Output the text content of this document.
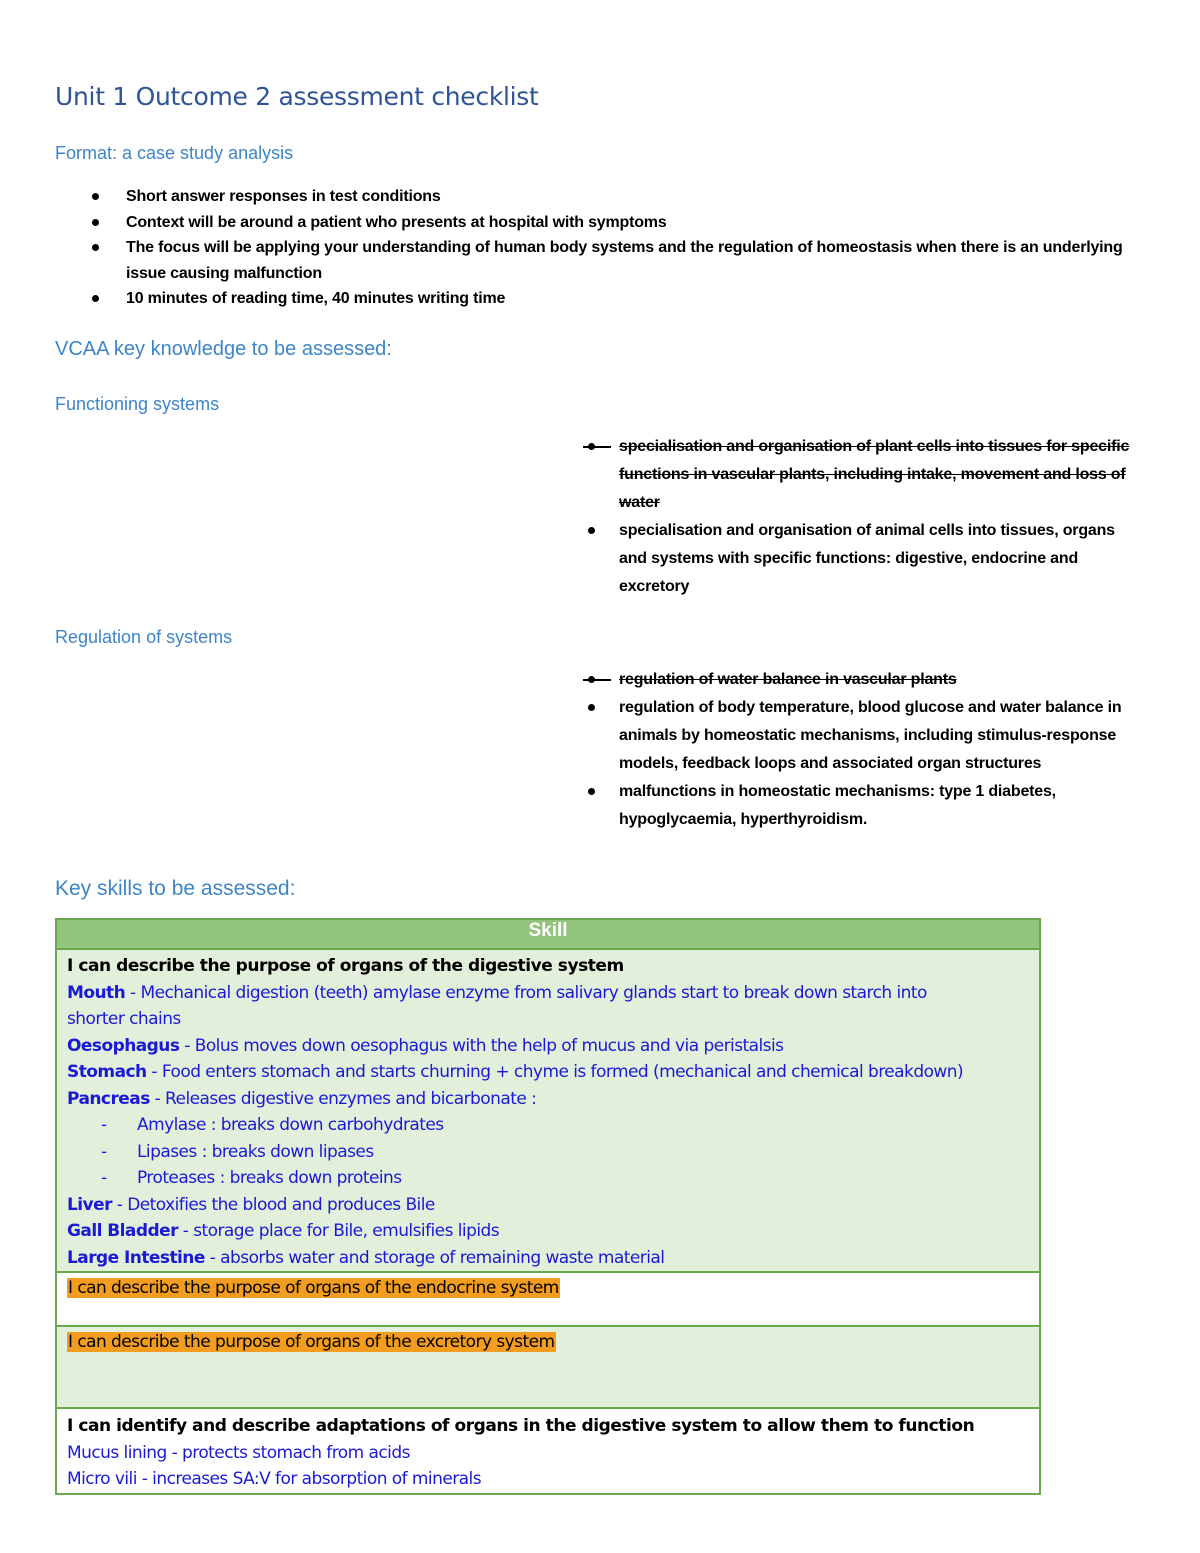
Unit 1 Outcome 2 assessment checklist
Format: a case study analysis
Short answer responses in test conditions
Context will be around a patient who presents at hospital with symptoms
The focus will be applying your understanding of human body systems and the regulation of homeostasis when there is an underlying issue causing malfunction
10 minutes of reading time, 40 minutes writing time
VCAA key knowledge to be assessed:
Functioning systems
specialisation and organisation of plant cells into tissues for specific functions in vascular plants, including intake, movement and loss of water
specialisation and organisation of animal cells into tissues, organs and systems with specific functions: digestive, endocrine and excretory
Regulation of systems
regulation of water balance in vascular plants
regulation of body temperature, blood glucose and water balance in animals by homeostatic mechanisms, including stimulus-response models, feedback loops and associated organ structures
malfunctions in homeostatic mechanisms: type 1 diabetes, hypoglycaemia, hyperthyroidism.
Key skills to be assessed:
Skill

I can describe the purpose of organs of the digestive system
Mouth - Mechanical digestion (teeth) amylase enzyme from salivary glands start to break down starch into
shorter chains
Oesophagus - Bolus moves down oesophagus with the help of mucus and via peristalsis
Stomach - Food enters stomach and starts churning + chyme is formed (mechanical and chemical breakdown)
Pancreas - Releases digestive enzymes and bicarbonate :
- Amylase : breaks down carbohydrates
- Lipases : breaks down lipases
- Proteases : breaks down proteins
Liver - Detoxifies the blood and produces Bile
Gall Bladder - storage place for Bile, emulsifies lipids
Large Intestine - absorbs water and storage of remaining waste material

I can describe the purpose of organs of the endocrine system

I can describe the purpose of organs of the excretory system

I can identify and describe adaptations of organs in the digestive system to allow them to function
Mucus lining - protects stomach from acids
Micro vili - increases SA:V for absorption of minerals
